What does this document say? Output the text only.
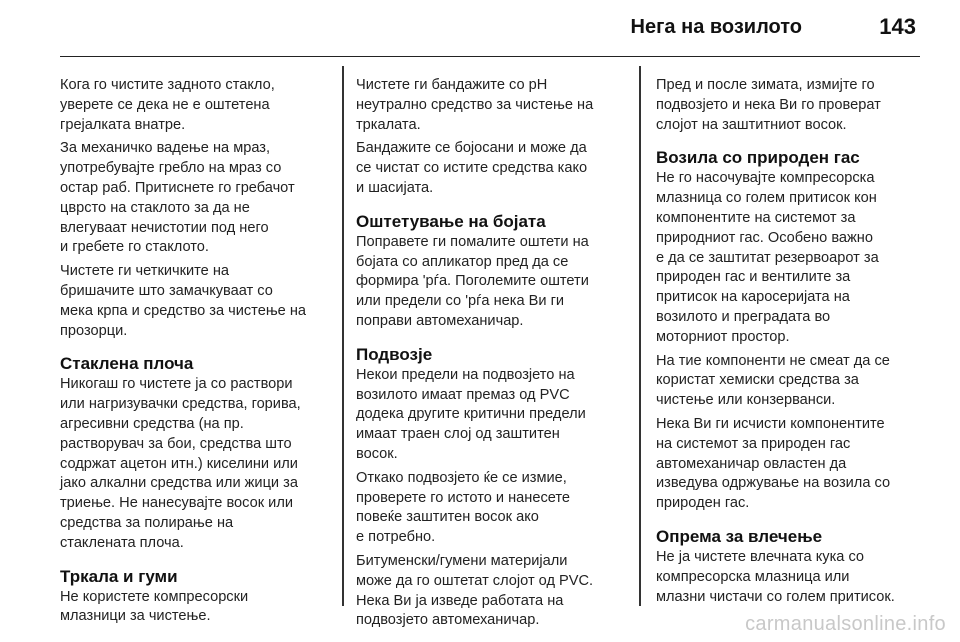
Нега на возилото	143

Кога го чистите задното стакло,
уверете се дека не е оштетена
грејалката внатре.

За механичко вадење на мраз,
употребувајте гребло на мраз со
остар раб. Притиснете го гребачот
цврсто на стаклото за да не
влегуваат нечистотии под него
и гребете го стаклото.

Чистете ги четкичките на
бришачите што замачкуваат со
мека крпа и средство за чистење на
прозорци.

Стаклена плоча

Никогаш го чистете ја со раствори
или нагризувачки средства, горива,
агресивни средства (на пр.
растворувач за бои, средства што
содржат ацетон итн.) киселини или
јако алкални средства или жици за
триење. Не нанесувајте восок или
средства за полирање на
стаклената плоча.

Тркала и гуми

Не користете компресорски
млазници за чистење.

Чистете ги бандажите со pH
неутрално средство за чистење на
тркалата.

Бандажите се бојосани и може да
се чистат со истите средства како
и шасијата.

Оштетување на бојата

Поправете ги помалите оштети на
бојата со апликатор пред да се
формира 'рѓа. Поголемите оштети
или предели со 'рѓа нека Ви ги
поправи автомеханичар.

Подвозје

Некои предели на подвозјето на
возилото имаат премаз од PVC
додека другите критични предели
имаат траен слој од заштитен
восок.

Откако подвозјето ќе се измие,
проверете го истото и нанесете
повеќе заштитен восок ако
е потребно.

Битуменски/гумени материјали
може да го оштетат слојот од PVC.
Нека Ви ја изведе работата на
подвозјето автомеханичар.

Пред и после зимата, измијте го
подвозјето и нека Ви го проверат
слојот на заштитниот восок.

Возила со природен гас

Не го насочувајте компресорска
млазница со голем притисок кон
компонентите на системот за
природниот гас. Особено важно
е да се заштитат резервоарот за
природен гас и вентилите за
притисок на каросеријата на
возилото и преградата во
моторниот простор.

На тие компоненти не смеат да се
користат хемиски средства за
чистење или конзерванси.

Нека Ви ги исчисти компонентите
на системот за природен гас
автомеханичар овластен да
изведува одржување на возила со
природен гас.

Опрема за влечење

Не ја чистете влечната кука со
компресорска млазница или
млазни чистачи со голем притисок.

carmanualsonline.info
